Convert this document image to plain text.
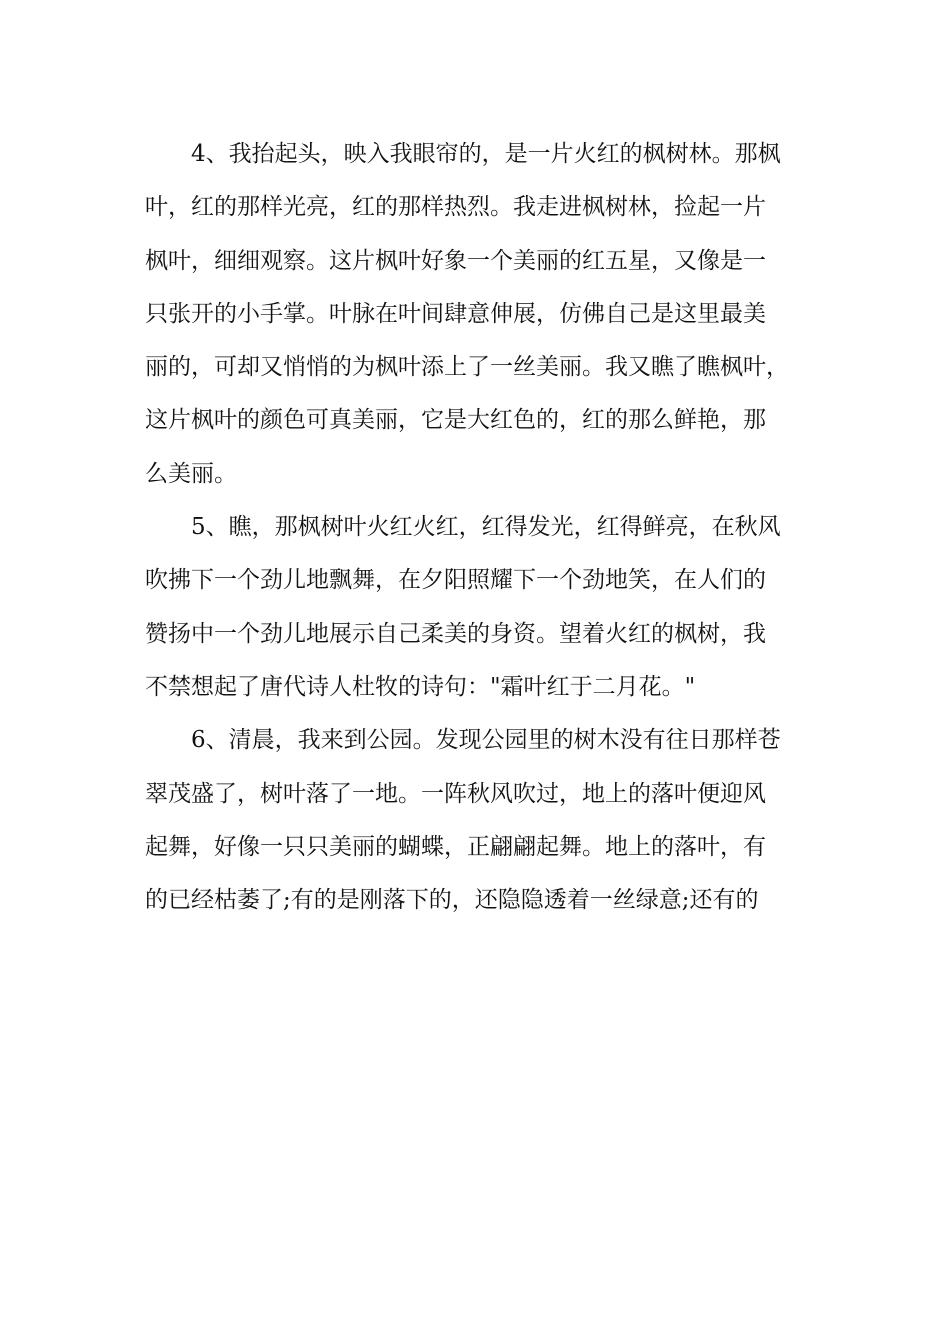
4、我抬起头，映入我眼帘的，是一片火红的枫树林。那枫
叶，红的那样光亮，红的那样热烈。我走进枫树林，捡起一片
枫叶，细细观察。这片枫叶好象一个美丽的红五星，又像是一
只张开的小手掌。叶脉在叶间肆意伸展，仿佛自己是这里最美
丽的，可却又悄悄的为枫叶添上了一丝美丽。我又瞧了瞧枫叶，
这片枫叶的颜色可真美丽，它是大红色的，红的那么鲜艳，那
么美丽。
5、瞧，那枫树叶火红火红，红得发光，红得鲜亮，在秋风
吹拂下一个劲儿地飘舞，在夕阳照耀下一个劲地笑，在人们的
赞扬中一个劲儿地展示自己柔美的身资。望着火红的枫树，我
不禁想起了唐代诗人杜牧的诗句："霜叶红于二月花。"
6、清晨，我来到公园。发现公园里的树木没有往日那样苍
翠茂盛了，树叶落了一地。一阵秋风吹过，地上的落叶便迎风
起舞，好像一只只美丽的蝴蝶，正翩翩起舞。地上的落叶，有
的已经枯萎了;有的是刚落下的，还隐隐透着一丝绿意;还有的
